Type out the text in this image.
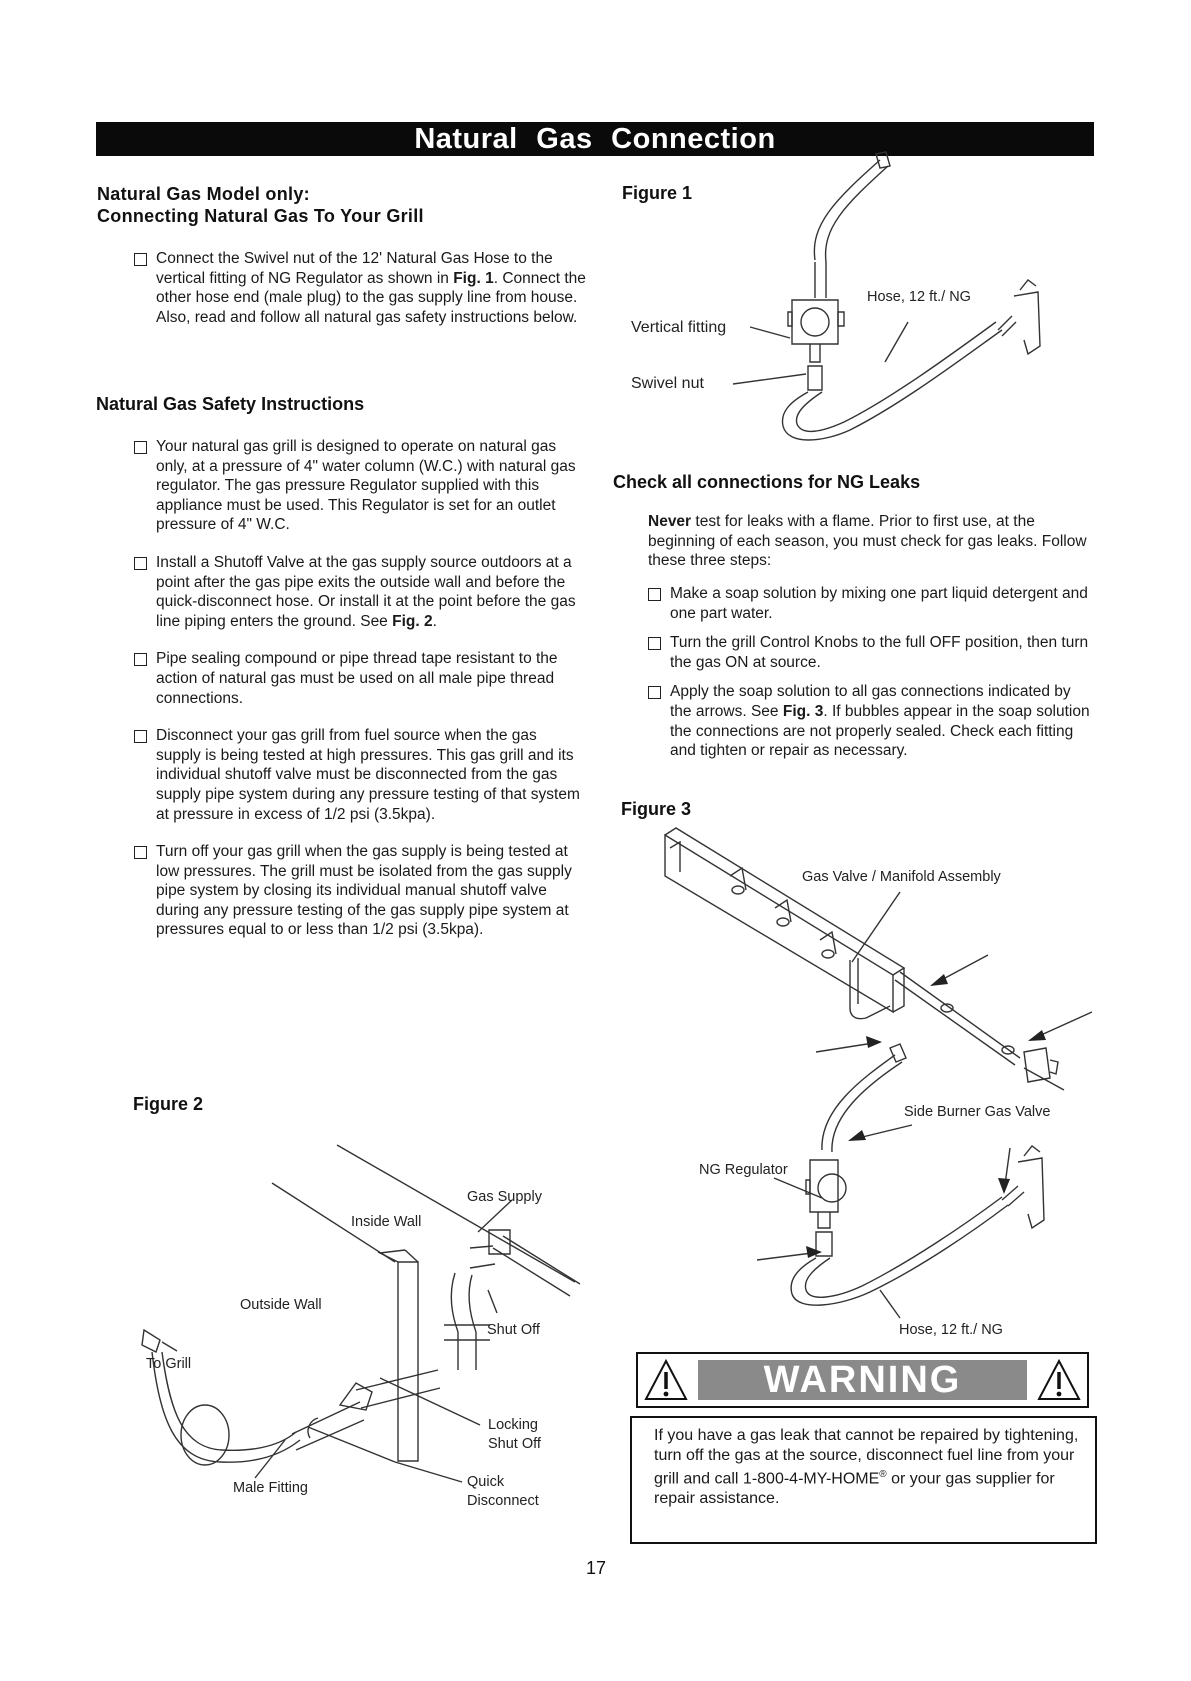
Natural Gas Connection
Natural Gas Model only:
Connecting Natural Gas To Your Grill
Connect the Swivel nut of the 12' Natural Gas Hose to the vertical fitting of NG Regulator as shown in Fig. 1. Connect the other hose end (male plug) to the gas supply line from house. Also, read and follow all natural gas safety instructions below.
Natural Gas Safety Instructions
Your natural gas grill is designed to operate on natural gas only, at a pressure of 4" water column (W.C.) with natural gas regulator. The gas pressure Regulator supplied with this appliance must be used. This Regulator is set for an outlet pressure of 4" W.C.
Install a Shutoff Valve at the gas supply source outdoors at a point after the gas pipe exits the outside wall and before the quick-disconnect hose. Or install it at the point before the gas line piping enters the ground. See Fig. 2.
Pipe sealing compound or pipe thread tape resistant to the action of natural gas must be used on all male pipe thread connections.
Disconnect your gas grill from fuel source when the gas supply is being tested at high pressures. This gas grill and its individual shutoff valve must be disconnected from the gas supply pipe system during any pressure testing of that system at pressure in excess of 1/2 psi (3.5kpa).
Turn off your gas grill when the gas supply is being tested at low pressures. The grill must be isolated from the gas supply pipe system by closing its individual manual shutoff valve during any pressure testing of the gas supply pipe system at pressures equal to or less than 1/2 psi (3.5kpa).
Figure 2
Gas Supply
Inside Wall
Outside Wall
Shut Off
To Grill
Locking
Shut Off
Quick
Disconnect
Male Fitting
Figure 1
Vertical fitting
Swivel nut
Hose, 12 ft./ NG
Check all connections for NG Leaks
Never test for leaks with a flame. Prior to first use, at the beginning of each season, you must check for gas leaks. Follow these three steps:
Make a soap solution by mixing one part liquid detergent and one part water.
Turn the grill Control Knobs to the full OFF position, then turn the gas ON at source.
Apply the soap solution to all gas connections indicated by the arrows. See Fig. 3. If bubbles appear in the soap solution the connections are not properly sealed. Check each fitting and tighten or repair as necessary.
Figure 3
Gas Valve / Manifold Assembly
Side Burner Gas Valve
NG Regulator
Hose, 12 ft./ NG
WARNING
If you have a gas leak that cannot be repaired by tightening, turn off the gas at the source, disconnect fuel line from your grill and call 1-800-4-MY-HOME® or your gas supplier for repair assistance.
17
